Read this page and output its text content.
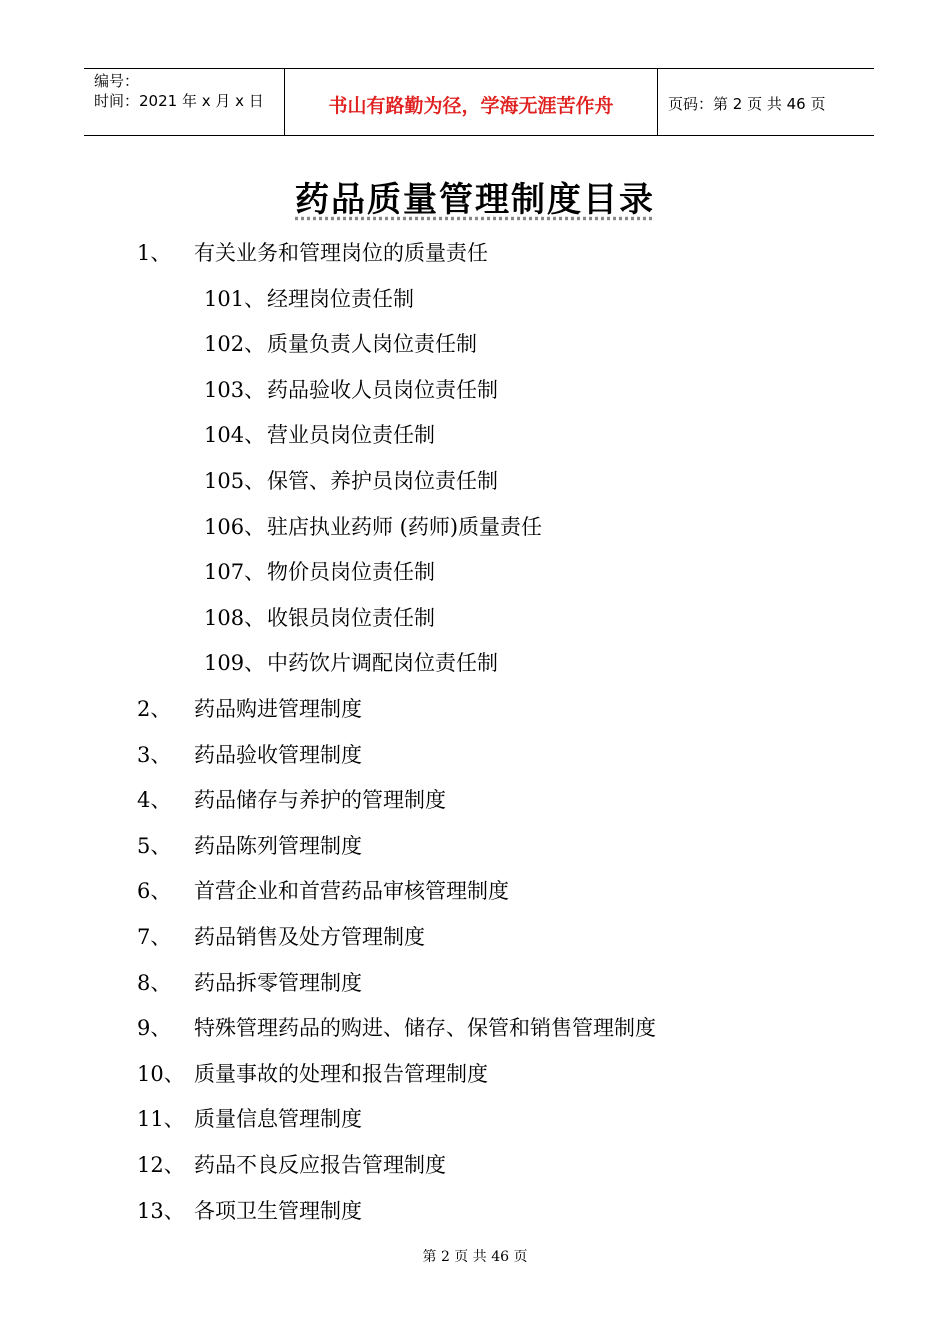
编号：
时间：2021 年 x 月 x 日	书山有路勤为径，学海无涯苦作舟	页码：第 2 页 共 46 页
药品质量管理制度目录
1、 有关业务和管理岗位的质量责任
101、 经理岗位责任制
102、 质量负责人岗位责任制
103、 药品验收人员岗位责任制
104、 营业员岗位责任制
105、 保管、养护员岗位责任制
106、 驻店执业药师 (药师)质量责任
107、 物价员岗位责任制
108、 收银员岗位责任制
109、 中药饮片调配岗位责任制
2、 药品购进管理制度
3、 药品验收管理制度
4、 药品储存与养护的管理制度
5、 药品陈列管理制度
6、 首营企业和首营药品审核管理制度
7、 药品销售及处方管理制度
8、 药品拆零管理制度
9、 特殊管理药品的购进、储存、保管和销售管理制度
10、 质量事故的处理和报告管理制度
11、 质量信息管理制度
12、 药品不良反应报告管理制度
13、 各项卫生管理制度
第 2 页 共 46 页
